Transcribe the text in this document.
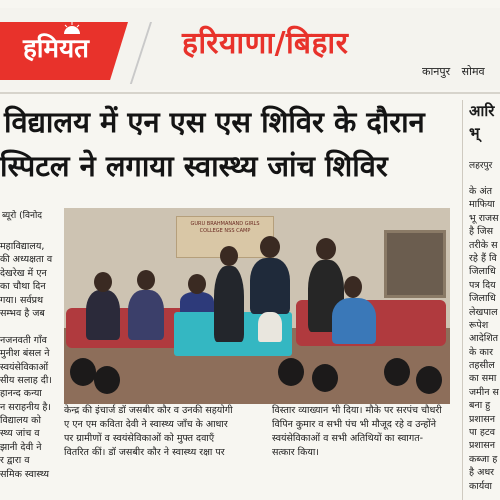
हमियत	हरियाणा/बिहार
कानपुर सोमव
विद्यालय में एन एस एस शिविर के दौरान
स्पिटल ने लगाया स्वास्थ्य जांच शिविर
ब्यूरो (विनोद
महाविद्यालय,
की अध्यक्षता व
देखरेख में एन
का चौथा दिन
गया। सर्वप्रथ
सम्भव है जब
नजनवती गाँव
मुनीश बंसल ने
स्वयंसेविकाओं
सीय सलाह दी।
हानन्द कन्या
न सराहनीय है।
विद्यालय को
स्थ्य जांच व
झानी देवी ने
र द्वारा व
समिक स्वास्थ्य
GURU BRAHMANAND GIRLS COLLEGE NSS CAMP
केन्द्र की इंचार्ज डॉ जसबीर कौर व उनकी सहयोगी
ए एन एम कविता देवी ने स्वास्थ्य जाँच के आधार
पर ग्रामीणों व स्वयंसेविकाओं को मुफ्त दवाएँ
वितरित कीं। डॉ जसबीर कौर ने स्वास्थ्य रक्षा पर
विस्तार व्याख्यान भी दिया। मौके पर सरपंच चौधरी
विपिन कुमार व सभी पंच भी मौजूद रहे व उन्होंने
स्वयंसेविकाओं व सभी अतिथियों का स्वागत-
सत्कार किया।
आरि
भ्
लहरपुर
के अंत
माफिया
भू राजस
है जिस
तरीके स
रहे हैं वि
जिलाधि
पत्र दिय
जिलाधि
लेखपाल
रूपेश
आदेशित
के कार
तहसील
का समा
जमीन स
बना हु
प्रशासन
पा हटव
प्रशासन
कब्जा ह
है अधर
कार्यवा
